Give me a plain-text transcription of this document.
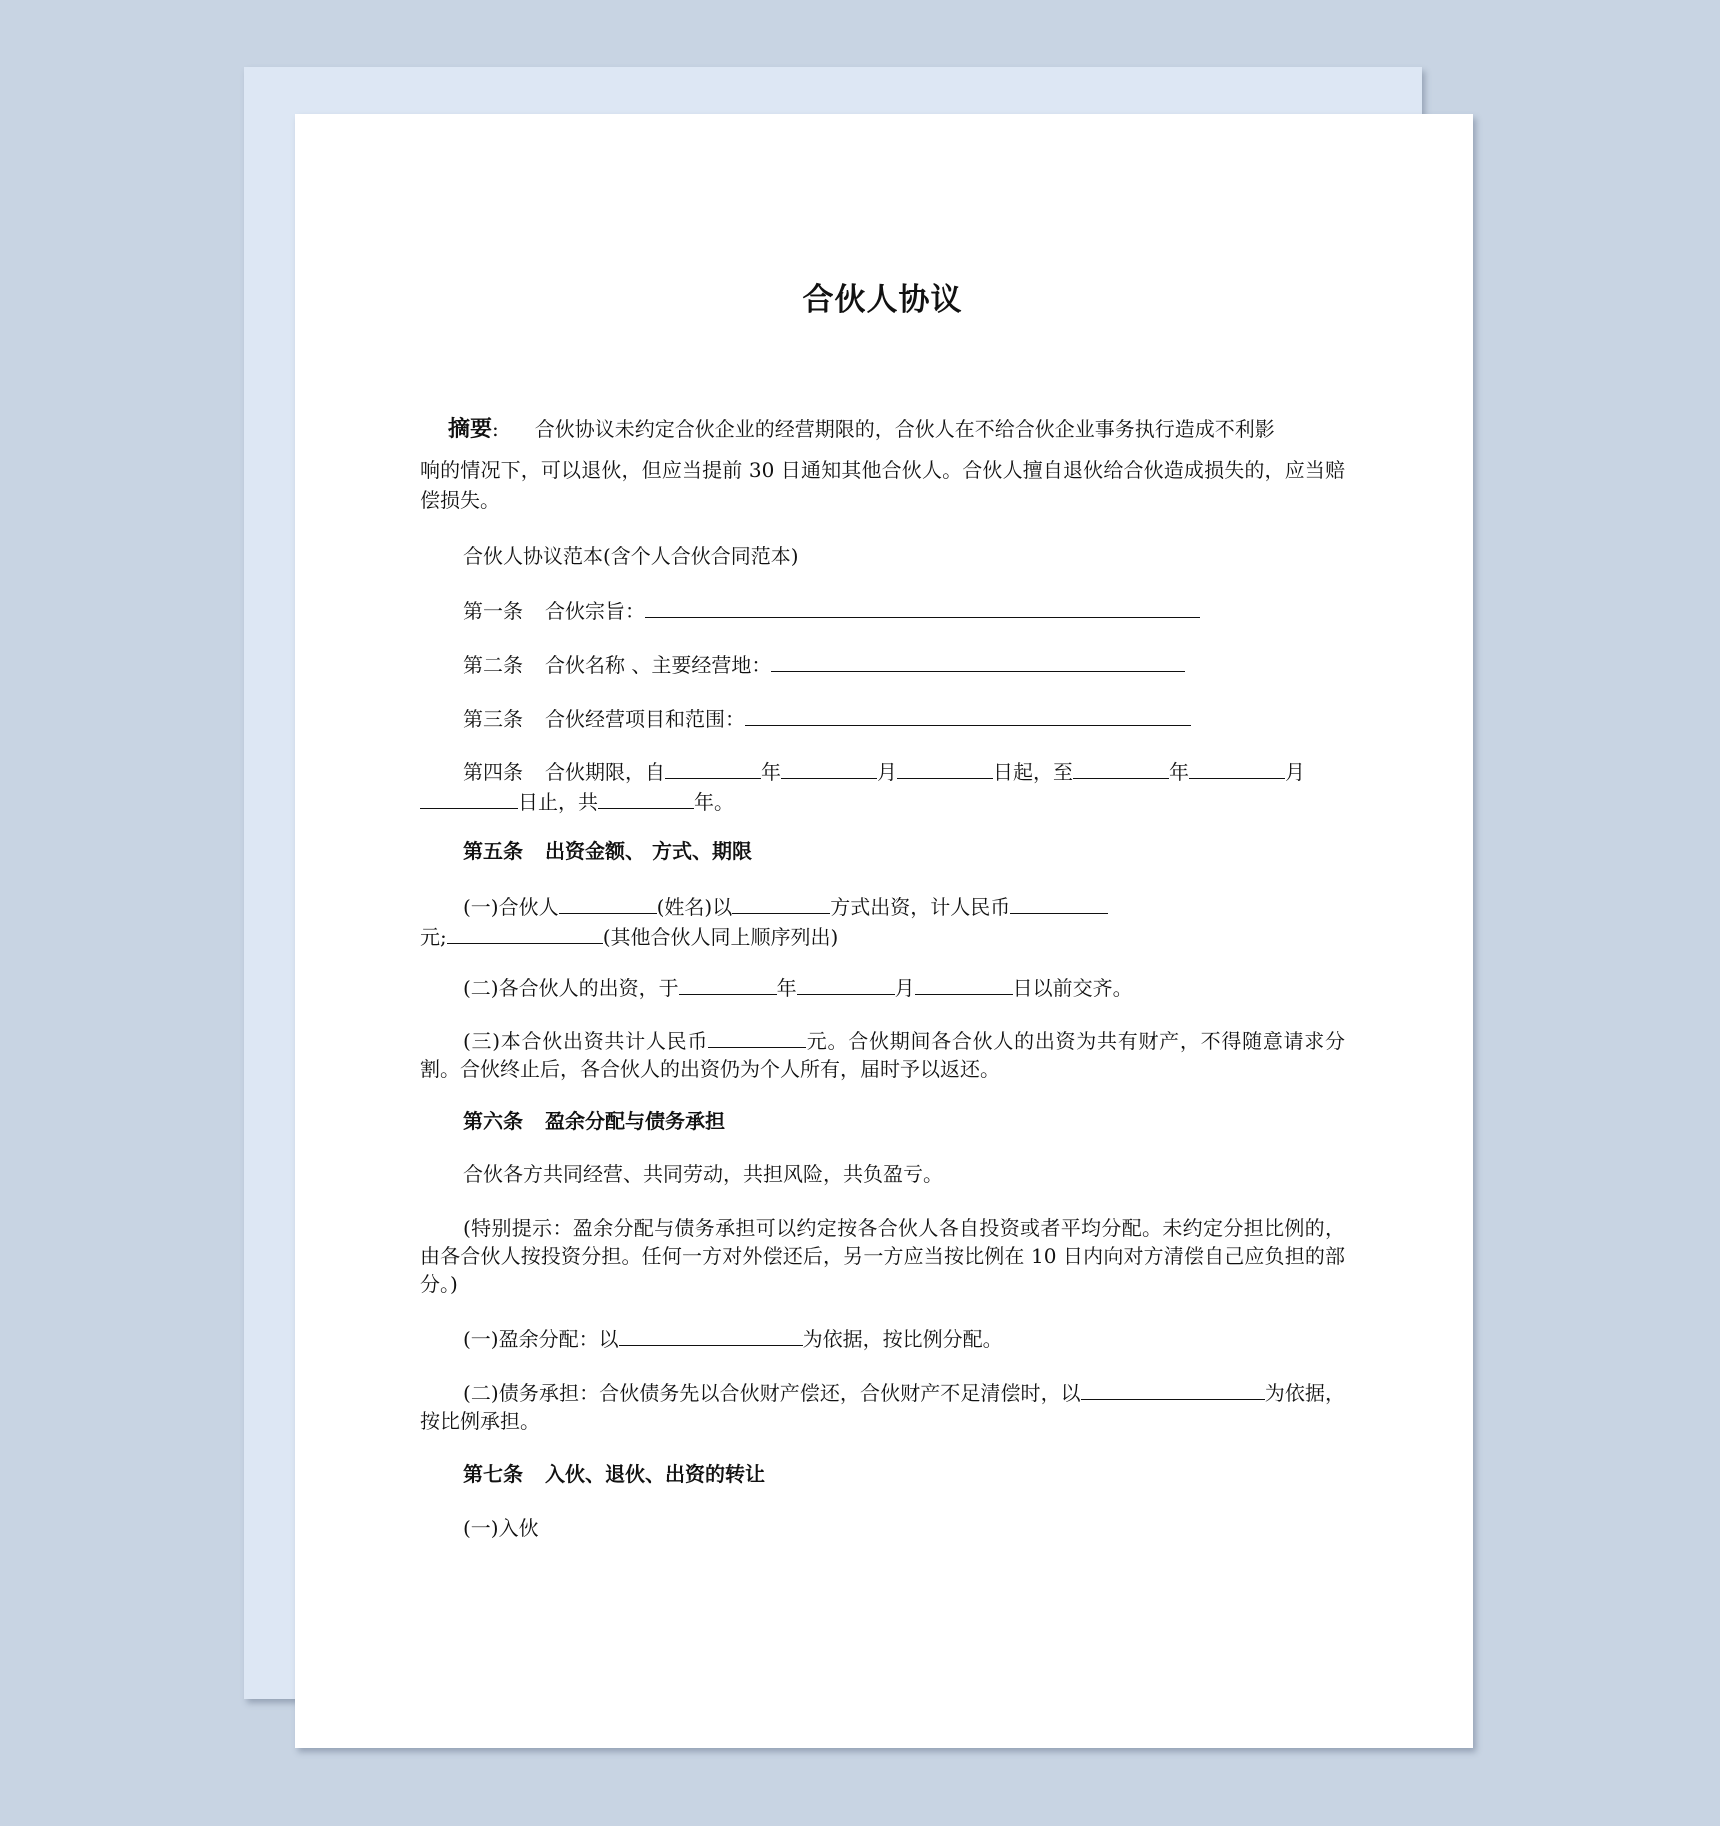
合伙人协议
摘要: 合伙协议未约定合伙企业的经营期限的，合伙人在不给合伙企业事务执行造成不利影
响的情况下，可以退伙，但应当提前 30 日通知其他合伙人。合伙人擅自退伙给合伙造成损失的，应当赔偿损失。
合伙人协议范本(含个人合伙合同范本)
第一条 合伙宗旨：
第二条 合伙名称 、主要经营地：
第三条 合伙经营项目和范围：
第四条 合伙期限，自	年	月	日起，至	年	月
日止，共	年。
第五条 出资金额、 方式、期限
(一)合伙人	(姓名)以	方式出资，计人民币
元;	(其他合伙人同上顺序列出)
(二)各合伙人的出资，于	年	月	日以前交齐。
(三)本合伙出资共计人民币	元。合伙期间各合伙人的出资为共有财产，不得随意请求分割。合伙终止后，各合伙人的出资仍为个人所有，届时予以返还。
第六条 盈余分配与债务承担
合伙各方共同经营、共同劳动，共担风险，共负盈亏。
(特别提示：盈余分配与债务承担可以约定按各合伙人各自投资或者平均分配。未约定分担比例的，由各合伙人按投资分担。任何一方对外偿还后，另一方应当按比例在 10 日内向对方清偿自己应负担的部分。)
(一)盈余分配：以	为依据，按比例分配。
(二)债务承担：合伙债务先以合伙财产偿还，合伙财产不足清偿时，以	为依据，按比例承担。
第七条 入伙、退伙、出资的转让
(一)入伙
